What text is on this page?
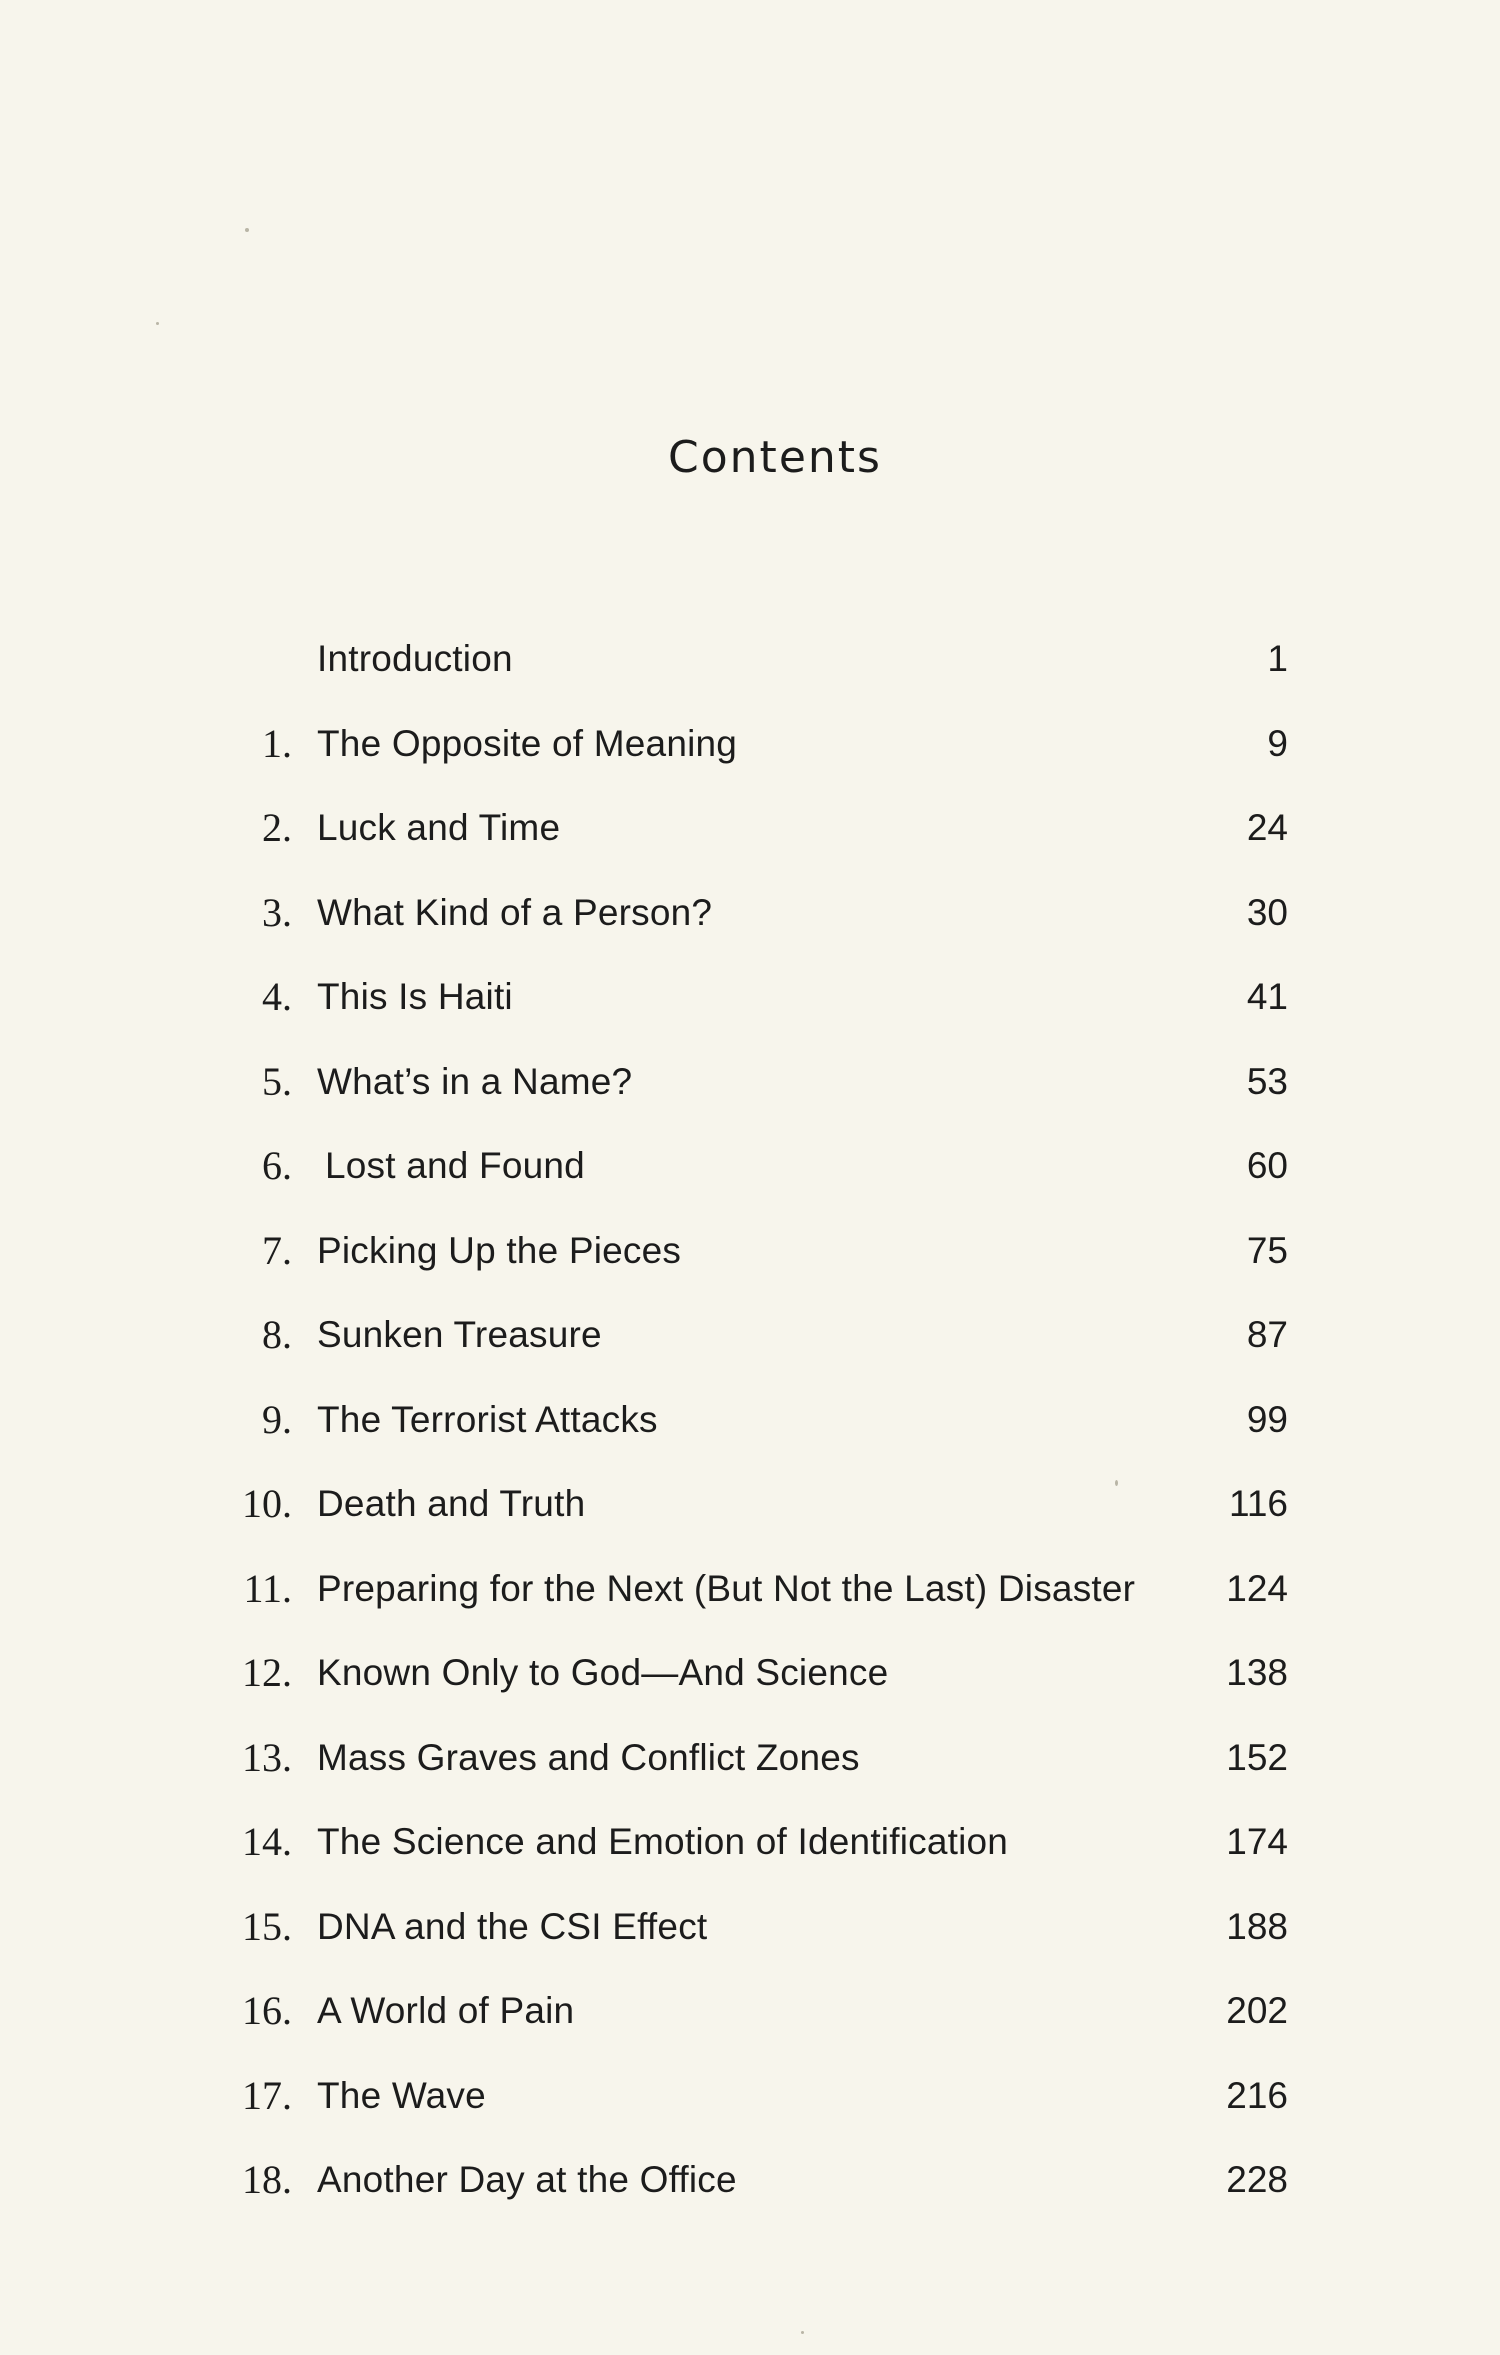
Contents
Introduction	1
1. The Opposite of Meaning	9
2. Luck and Time	24
3. What Kind of a Person?	30
4. This Is Haiti	41
5. What’s in a Name?	53
6. Lost and Found	60
7. Picking Up the Pieces	75
8. Sunken Treasure	87
9. The Terrorist Attacks	99
10. Death and Truth	116
11. Preparing for the Next (But Not the Last) Disaster 124
12. Known Only to God—And Science	138
13. Mass Graves and Conflict Zones	152
14. The Science and Emotion of Identification	174
15. DNA and the CSI Effect	188
16. A World of Pain	202
17. The Wave	216
18. Another Day at the Office	228
